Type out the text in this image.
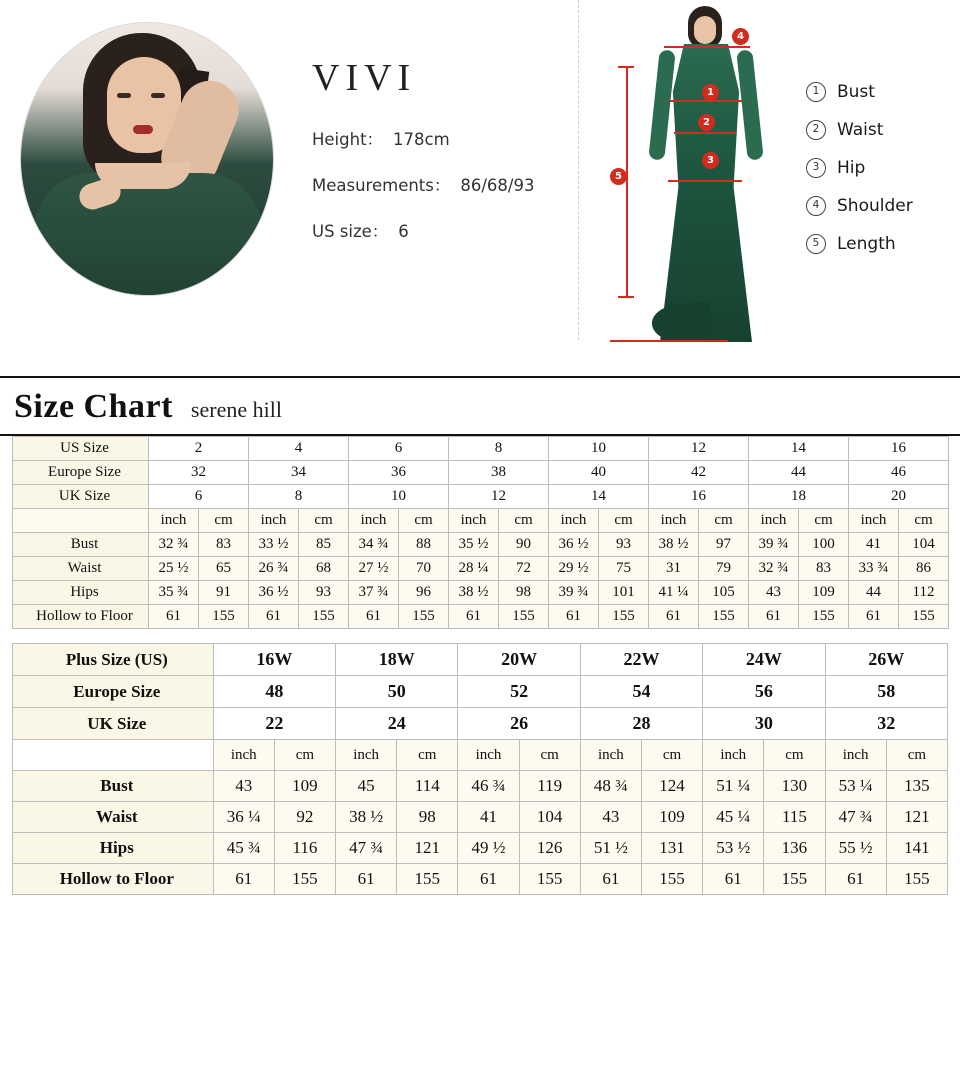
VIVI
Height： 178cm
Measurements： 86/68/93
US size： 6
1
2
3
4
5
1	Bust
2	Waist
3	Hip
4	Shoulder
5	Length
Size Chart serene hill
US Size	2		4		6		8		10		12		14		16	
Europe Size	32		34		36		38		40		42		44		46	
UK Size	6		8		10		12		14		16		18		20	
	inch	cm	inch	cm	inch	cm	inch	cm	inch	cm	inch	cm	inch	cm	inch	cm
Bust	32 ¾	83	33 ½	85	34 ¾	88	35 ½	90	36 ½	93	38 ½	97	39 ¾	100	41	104
Waist	25 ½	65	26 ¾	68	27 ½	70	28 ¼	72	29 ½	75	31	79	32 ¾	83	33 ¾	86
Hips	35 ¾	91	36 ½	93	37 ¾	96	38 ½	98	39 ¾	101	41 ¼	105	43	109	44	112
Hollow to Floor	61	155	61	155	61	155	61	155	61	155	61	155	61	155	61	155
Plus Size (US)	16W		18W		20W		22W		24W		26W	
Europe Size	48		50		52		54		56		58	
UK Size	22		24		26		28		30		32	
	inch	cm	inch	cm	inch	cm	inch	cm	inch	cm	inch	cm
Bust	43	109	45	114	46 ¾	119	48 ¾	124	51 ¼	130	53 ¼	135
Waist	36 ¼	92	38 ½	98	41	104	43	109	45 ¼	115	47 ¾	121
Hips	45 ¾	116	47 ¾	121	49 ½	126	51 ½	131	53 ½	136	55 ½	141
Hollow to Floor	61	155	61	155	61	155	61	155	61	155	61	155
